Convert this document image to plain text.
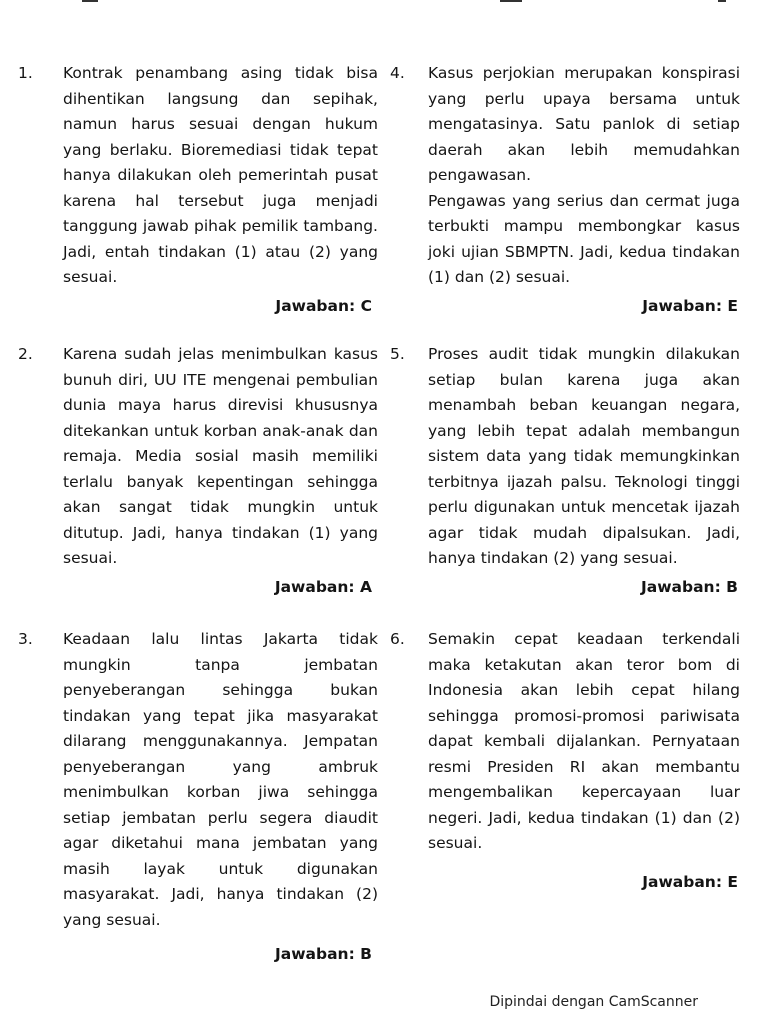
1. Kontrak penambang asing tidak bisa dihentikan langsung dan sepihak, namun harus sesuai dengan hukum yang berlaku. Bioremediasi tidak tepat hanya dilakukan oleh pemerintah pusat karena hal tersebut juga menjadi tanggung jawab pihak pemilik tambang. Jadi, entah tindakan (1) atau (2) yang sesuai.

Jawaban: C
2. Karena sudah jelas menimbulkan kasus bunuh diri, UU ITE mengenai pembulian dunia maya harus direvisi khususnya ditekankan untuk korban anak-anak dan remaja. Media sosial masih memiliki terlalu banyak kepentingan sehingga akan sangat tidak mungkin untuk ditutup. Jadi, hanya tindakan (1) yang sesuai.

Jawaban: A
3. Keadaan lalu lintas Jakarta tidak mungkin tanpa jembatan penyeberangan sehingga bukan tindakan yang tepat jika masyarakat dilarang menggunakannya. Jempatan penyeberangan yang ambruk menimbulkan korban jiwa sehingga setiap jembatan perlu segera diaudit agar diketahui mana jembatan yang masih layak untuk digunakan masyarakat. Jadi, hanya tindakan (2) yang sesuai.

Jawaban: B
4. Kasus perjokian merupakan konspirasi yang perlu upaya bersama untuk mengatasinya. Satu panlok di setiap daerah akan lebih memudahkan pengawasan.

Pengawas yang serius dan cermat juga terbukti mampu membongkar kasus joki ujian SBMPTN. Jadi, kedua tindakan (1) dan (2) sesuai.

Jawaban: E
5. Proses audit tidak mungkin dilakukan setiap bulan karena juga akan menambah beban keuangan negara, yang lebih tepat adalah membangun sistem data yang tidak memungkinkan terbitnya ijazah palsu. Teknologi tinggi perlu digunakan untuk mencetak ijazah agar tidak mudah dipalsukan. Jadi, hanya tindakan (2) yang sesuai.

Jawaban: B
6. Semakin cepat keadaan terkendali maka ketakutan akan teror bom di Indonesia akan lebih cepat hilang sehingga promosi-promosi pariwisata dapat kembali dijalankan. Pernyataan resmi Presiden RI akan membantu mengembalikan kepercayaan luar negeri. Jadi, kedua tindakan (1) dan (2) sesuai.

Jawaban: E
Dipindai dengan CamScanner
